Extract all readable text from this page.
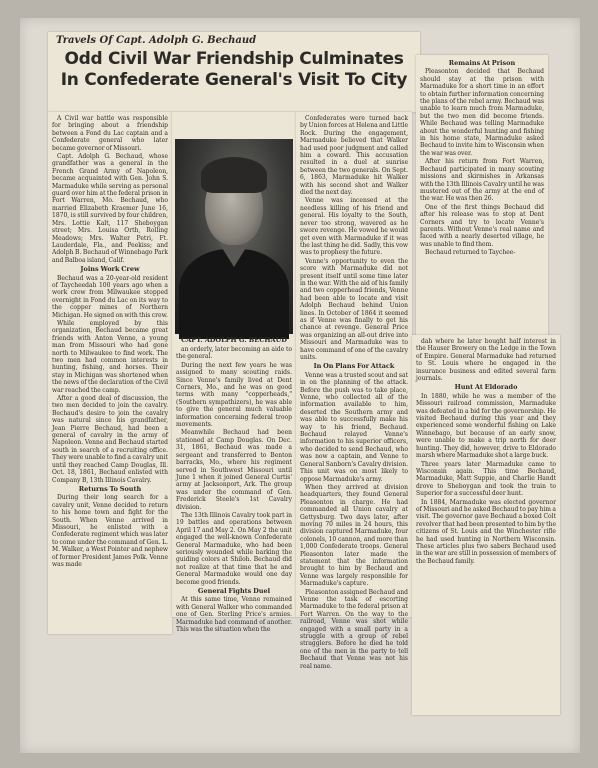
Travels Of Capt. Adolph G. Bechaud
Odd Civil War Friendship Culminates
In Confederate General's Visit To City

A Civil war battle was responsible for bringing about a friendship between a Fond du Lac captain and a Confederate general who later became governor of Missouri.

Capt. Adolph G. Bechaud, whose grandfather was a general in the French Grand Army of Napoleon, became acquainted with Gen. John S. Marmaduke while serving as personal guard over him at the federal prison in Fort Warren, Mo. Bechaud, who married Elizabeth Kraemer June 16, 1870, is still survived by four children, Mrs. Lottie Kalt, 117 Sheboygan street; Mrs. Louisa Orth, Rolling Meadows; Mrs. Walter Petri, Ft. Lauderdale, Fla., and Peekiss; and Adolph B. Bechaud of Winnebago Park and Balboa island, Calif.

Joins Work Crew

Bechaud was a 20-year-old resident of Taycheedah 100 years ago when a work crew from Milwaukee stopped overnight in Fond du Lac on its way to the copper mines of Northern Michigan. He signed on with this crew.

While employed by this organization, Bechaud became great friends with Anton Venne, a young man from Missouri who had gone north to Milwaukee to find work. The two men had common interests in hunting, fishing, and horses. Their stay in Michigan was shortened when the news of the declaration of the Civil war reached the camp.

After a good deal of discussion, the two men decided to join the cavalry. Bechaud's desire to join the cavalry was natural since his grandfather, Jean Pierre Bechaud, had been a general of cavalry in the army of Napoleon. Venne and Bechaud started south in search of a recruiting office. They were unable to find a cavalry unit until they reached Camp Douglas, Ill. Oct. 18, 1861, Bechaud enlisted with Company B, 13th Illinois Cavalry.

Returns To South

During their long search for a cavalry unit, Venne decided to return to his home town and fight for the South. When Venne arrived in Missouri, he enlisted with a Confederate regiment which was later to come under the command of Gen. L. M. Walker, a West Pointer and nephew of former President James Polk. Venne was made

CAPT. ADOLPH G. BECHAUD

an orderly, later becoming an aide to the general.

During the next few years he was assigned to many scouting raids. Since Venne's family lived at Dent Corners, Mo., and he was on good terms with many "copperheads," (Southern sympathizers), he was able to give the general much valuable information concerning federal troop movements.

Meanwhile Bechaud had been stationed at Camp Douglas. On Dec. 31, 1861, Bechaud was made a sergeant and transferred to Benton barracks, Mo., where his regiment served in Southwest Missouri until June 1 when it joined General Curtis' army at Jacksonport, Ark. The group was under the command of Gen. Frederick Steele's 1st Cavalry division.

The 13th Illinois Cavalry took part in 19 battles and operations between April 17 and May 2. On May 2 the unit engaged the well-known Confederate General Marmaduke, who had been seriously wounded while barking the guiding colors at Shiloh. Bechaud did not realize at that time that he and General Marmaduke would one day become good friends.

General Fights Duel

At this same time, Venne remained with General Walker who commanded one of Gen. Sterling Price's armies. Marmaduke had command of another. This was the situation when the

Confederates were turned back by Union forces at Helena and Little Rock. During the engagement, Marmaduke believed that Walker had used poor judgment and called him a coward. This accusation resulted in a duel at sunrise between the two generals. On Sept. 6, 1863, Marmaduke hit Walker with his second shot and Walker died the next day.

Venne was incensed at the needless killing of his friend and general. His loyalty to the South, never too strong, wavered as he swore revenge. He vowed he would get even with Marmaduke if it was the last thing he did. Sadly, this vow was to prophesy the future.

Venne's opportunity to even the score with Marmaduke did not present itself until some time later in the war. With the aid of his family and two copperhead friends, Venne had been able to locate and visit Adolph Bechaud behind Union lines. In October of 1864 it seemed as if Venne was finally to get his chance at revenge. General Price was organizing an all-out drive into Missouri and Marmaduke was to have command of one of the cavalry units.

In On Plans For Attack

Venne was a trusted scout and sat in on the planning of the attack. Before the push was to take place, Venne, who collected all of the information available to him, deserted the Southern army and was able to successfully make his way to his friend, Bechaud. Bechaud relayed Venne's information to his superior officers, who decided to send Bechaud, who was now a captain, and Venne to General Sanborn's Cavalry division. This unit was on most likely to oppose Marmaduke's army.

When they arrived at division headquarters, they found General Pleasonton in charge. He had commanded all Union cavalry at Gettysburg. Two days later, after moving 70 miles in 24 hours, this division captured Marmaduke, four colonels, 10 cannon, and more than 1,000 Confederate troops. General Pleasonton later made the statement that the information brought to him by Bechaud and Venne was largely responsible for Marmaduke's capture.

Pleasonton assigned Bechaud and Venne the task of escorting Marmaduke to the federal prison at Fort Warren. On the way to the railroad, Venne was shot while engaged with a small party in a struggle with a group of rebel stragglers. Before he died he told one of the men in the party to tell Bechaud that Venne was not his real name.

Remains At Prison

Pleasonton decided that Bechaud should stay at the prison with Marmaduke for a short time in an effort to obtain further information concerning the plans of the rebel army. Bechaud was unable to learn much from Marmaduke, but the two men did become friends. While Bechaud was telling Marmaduke about the wonderful hunting and fishing in his home state, Marmaduke asked Bechaud to invite him to Wisconsin when the war was over.

After his return from Fort Warren, Bechaud participated in many scouting missions and skirmishes in Arkansas with the 13th Illinois Cavalry until he was mustered out of the army at the end of the war. He was then 26.

One of the first things Bechaud did after his release was to stop at Dent Corners and try to locate Venne's parents. Without Venne's real name and faced with a nearly deserted village, he was unable to find them.

Bechaud returned to Taychee-

dah where he later bought half interest in the Hauser Brewery on the Ledge in the Town of Empire. General Marmaduke had returned to St. Louis where he engaged in the insurance business and edited several farm journals.

Hunt At Eldorado

In 1880, while he was a member of the Missouri railroad commission, Marmaduke was defeated in a bid for the governorship. He visited Bechaud during this year and they experienced some wonderful fishing on Lake Winnebago, but because of an early snow, were unable to make a trip north for deer hunting. They did, however, drive to Eldorado marsh where Marmaduke shot a large buck.

Three years later Marmaduke came to Wisconsin again. This time Bechaud, Marmaduke, Matt Suppie, and Charlie Handt drove to Sheboygan and took the train to Superior for a successful deer hunt.

In 1884, Marmaduke was elected governor of Missouri and he asked Bechaud to pay him a visit. The governor gave Bechaud a boxed Colt revolver that had been presented to him by the citizens of St. Louis and the Winchester rifle he had used hunting in Northern Wisconsin. These articles plus two sabers Bechaud used in the war are still in possession of members of the Bechaud family.
